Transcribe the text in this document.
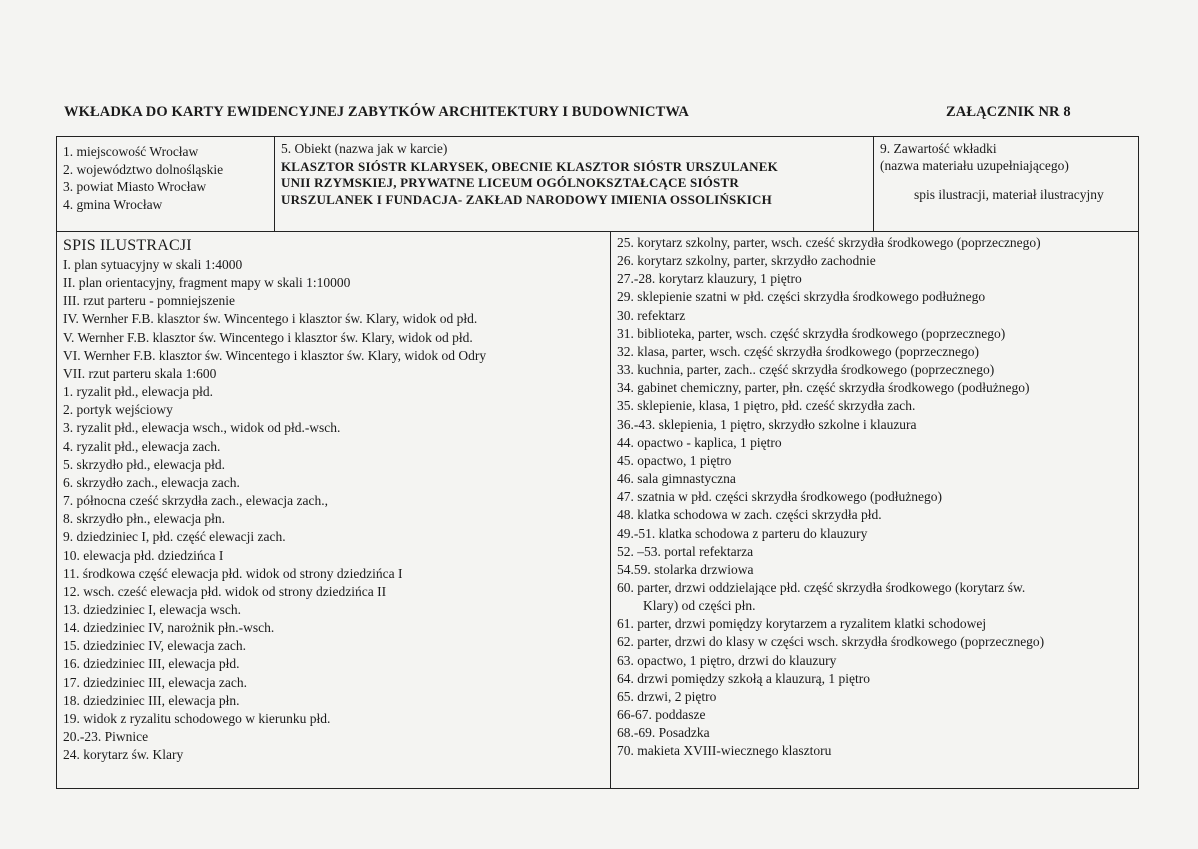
WKŁADKA DO KARTY EWIDENCYJNEJ ZABYTKÓW ARCHITEKTURY I BUDOWNICTWA	ZAŁĄCZNIK NR 8
1. miejscowość Wrocław
2. województwo dolnośląskie
3. powiat Miasto Wrocław
4. gmina Wrocław
5. Obiekt (nazwa jak w karcie)
KLASZTOR SIÓSTR KLARYSEK, OBECNIE KLASZTOR SIÓSTR URSZULANEK
UNII RZYMSKIEJ, PRYWATNE LICEUM OGÓLNOKSZTAŁCĄCE SIÓSTR
URSZULANEK I FUNDACJA- ZAKŁAD NARODOWY IMIENIA OSSOLIŃSKICH
9. Zawartość wkładki
(nazwa materiału uzupełniającego)
spis ilustracji, materiał ilustracyjny
SPIS ILUSTRACJI
I. plan sytuacyjny w skali 1:4000
II. plan orientacyjny, fragment mapy w skali 1:10000
III. rzut parteru - pomniejszenie
IV. Wernher F.B. klasztor św. Wincentego i klasztor św. Klary, widok od płd.
V. Wernher F.B. klasztor św. Wincentego i klasztor św. Klary, widok od płd.
VI. Wernher F.B. klasztor św. Wincentego i klasztor św. Klary, widok od Odry
VII. rzut parteru skala 1:600
1. ryzalit płd., elewacja płd.
2. portyk wejściowy
3. ryzalit płd., elewacja wsch., widok od płd.-wsch.
4. ryzalit płd., elewacja zach.
5. skrzydło płd., elewacja płd.
6. skrzydło zach., elewacja zach.
7. północna cześć skrzydła zach., elewacja zach.,
8. skrzydło płn., elewacja płn.
9. dziedziniec I, płd. część elewacji zach.
10. elewacja płd. dziedzińca I
11. środkowa część elewacja płd. widok od strony dziedzińca I
12. wsch. cześć elewacja płd. widok od strony dziedzińca II
13. dziedziniec I, elewacja wsch.
14. dziedziniec IV, narożnik płn.-wsch.
15. dziedziniec IV, elewacja zach.
16. dziedziniec III, elewacja płd.
17. dziedziniec III, elewacja zach.
18. dziedziniec III, elewacja płn.
19. widok z ryzalitu schodowego w kierunku płd.
20.-23. Piwnice
24. korytarz św. Klary
25. korytarz szkolny, parter, wsch. cześć skrzydła środkowego (poprzecznego)
26. korytarz szkolny, parter, skrzydło zachodnie
27.-28. korytarz klauzury, 1 piętro
29. sklepienie szatni w płd. części skrzydła środkowego podłużnego
30. refektarz
31. biblioteka, parter, wsch. część skrzydła środkowego (poprzecznego)
32. klasa, parter, wsch. część skrzydła środkowego (poprzecznego)
33. kuchnia, parter, zach.. część skrzydła środkowego (poprzecznego)
34. gabinet chemiczny, parter, płn. część skrzydła środkowego (podłużnego)
35. sklepienie, klasa, 1 piętro, płd. cześć skrzydła zach.
36.-43. sklepienia, 1 piętro, skrzydło szkolne i klauzura
44. opactwo - kaplica, 1 piętro
45. opactwo, 1 piętro
46. sala gimnastyczna
47. szatnia w płd. części skrzydła środkowego (podłużnego)
48. klatka schodowa w zach. części skrzydła płd.
49.-51. klatka schodowa z parteru do klauzury
52. –53. portal refektarza
54.59. stolarka drzwiowa
60. parter, drzwi oddzielające płd. część skrzydła środkowego (korytarz św.
Klary) od części płn.
61. parter, drzwi pomiędzy korytarzem a ryzalitem klatki schodowej
62. parter, drzwi do klasy w części wsch. skrzydła środkowego (poprzecznego)
63. opactwo, 1 piętro, drzwi do klauzury
64. drzwi pomiędzy szkołą a klauzurą, 1 piętro
65. drzwi, 2 piętro
66-67. poddasze
68.-69. Posadzka
70. makieta XVIII-wiecznego klasztoru
